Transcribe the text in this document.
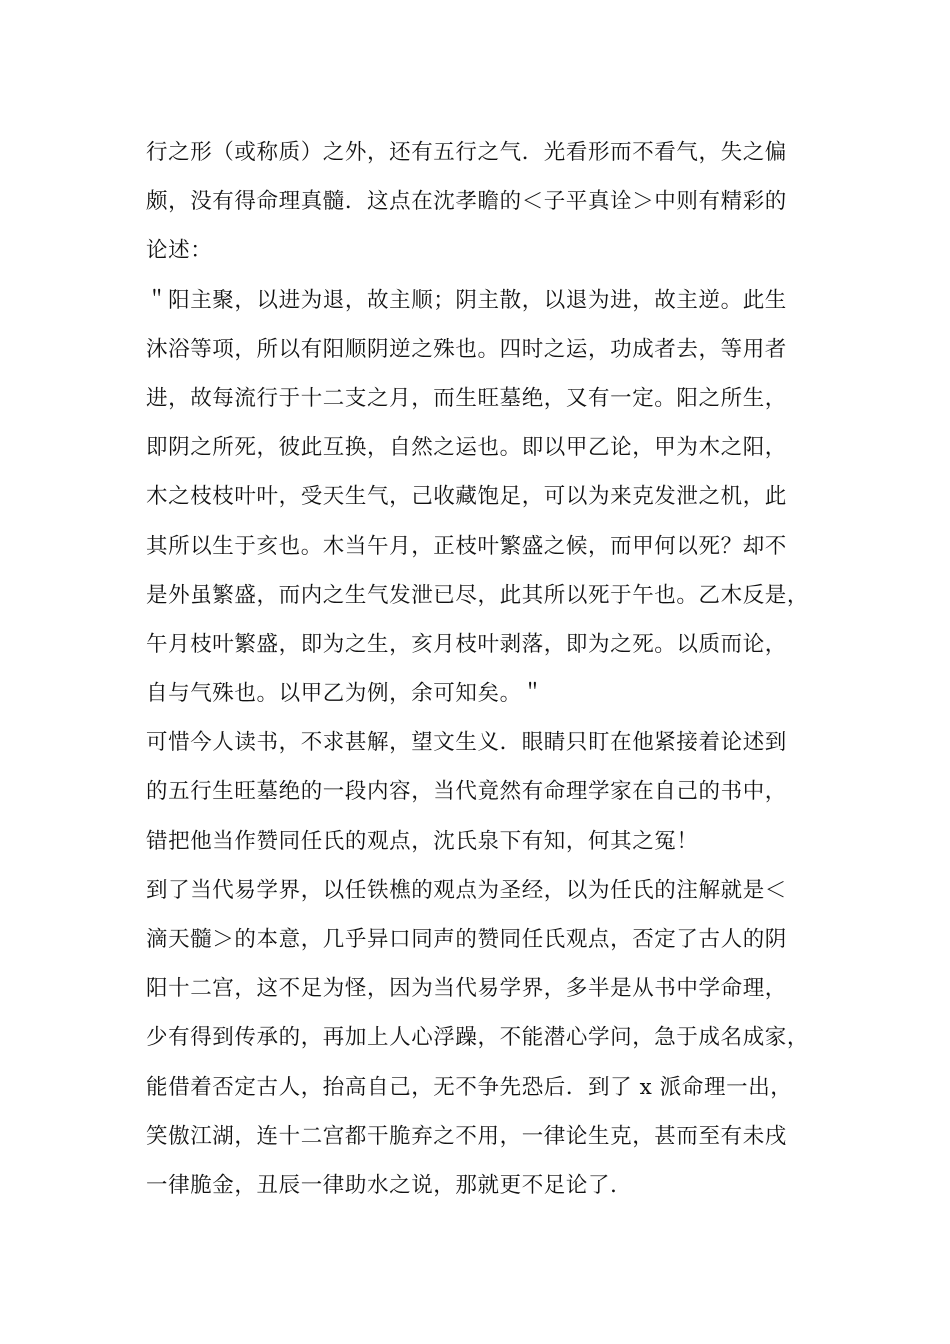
行之形（或称质）之外，还有五行之气．光看形而不看气，失之偏
颇，没有得命理真髓．这点在沈孝瞻的＜子平真诠＞中则有精彩的
论述：
＂阳主聚，以进为退，故主顺；阴主散，以退为进，故主逆。此生
沐浴等项，所以有阳顺阴逆之殊也。四时之运，功成者去，等用者
进，故每流行于十二支之月，而生旺墓绝，又有一定。阳之所生，
即阴之所死，彼此互换，自然之运也。即以甲乙论，甲为木之阳，
木之枝枝叶叶，受天生气，己收藏饱足，可以为来克发泄之机，此
其所以生于亥也。木当午月，正枝叶繁盛之候，而甲何以死？却不
是外虽繁盛，而内之生气发泄已尽，此其所以死于午也。乙木反是，
午月枝叶繁盛，即为之生，亥月枝叶剥落，即为之死。以质而论，
自与气殊也。以甲乙为例，余可知矣。＂
可惜今人读书，不求甚解，望文生义．眼睛只盯在他紧接着论述到
的五行生旺墓绝的一段内容，当代竟然有命理学家在自己的书中，
错把他当作赞同任氏的观点，沈氏泉下有知，何其之冤！
到了当代易学界，以任铁樵的观点为圣经，以为任氏的注解就是＜
滴天髓＞的本意，几乎异口同声的赞同任氏观点，否定了古人的阴
阳十二宫，这不足为怪，因为当代易学界，多半是从书中学命理，
少有得到传承的，再加上人心浮躁，不能潜心学问，急于成名成家，
能借着否定古人，抬高自己，无不争先恐后．到了 x 派命理一出，
笑傲江湖，连十二宫都干脆弃之不用，一律论生克，甚而至有未戌
一律脆金，丑辰一律助水之说，那就更不足论了．
